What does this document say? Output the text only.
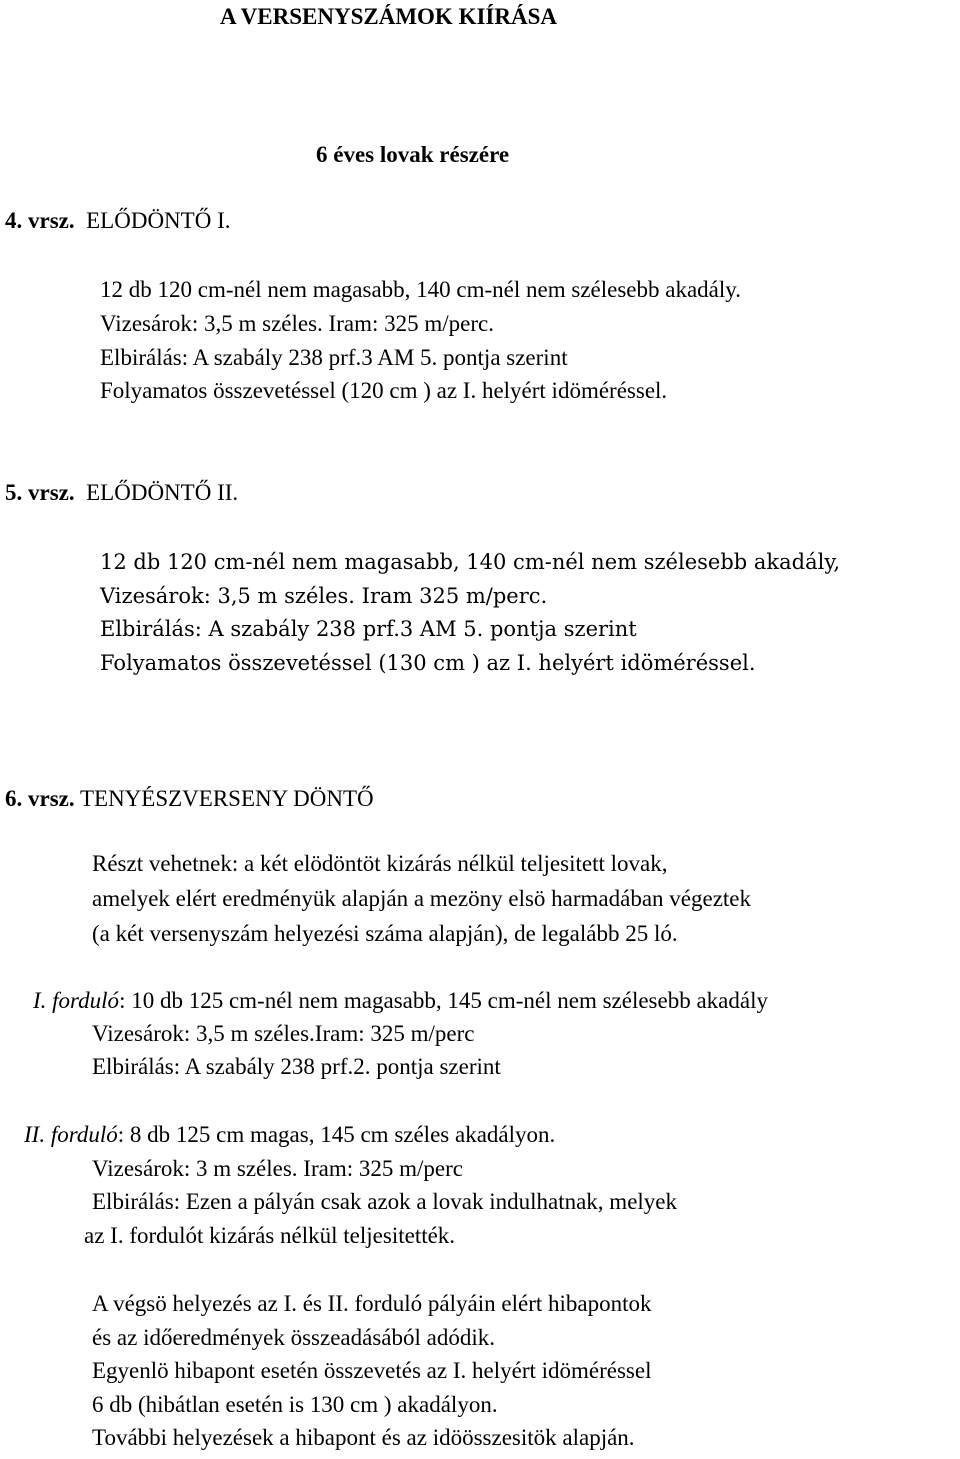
A VERSENYSZÁMOK KIÍRÁSA
6 éves lovak részére
4. vrsz. ELŐDÖNTŐ I.
12 db 120 cm-nél nem magasabb, 140 cm-nél nem szélesebb akadály.
Vizesárok: 3,5 m széles. Iram: 325 m/perc.
Elbirálás: A szabály 238 prf.3 AM 5. pontja szerint
Folyamatos összevetéssel (120 cm ) az I. helyért idöméréssel.
5. vrsz. ELŐDÖNTŐ II.
12 db 120 cm-nél nem magasabb, 140 cm-nél nem szélesebb akadály,
Vizesárok: 3,5 m széles. Iram 325 m/perc.
Elbirálás: A szabály 238 prf.3 AM 5. pontja szerint
Folyamatos összevetéssel (130 cm ) az I. helyért idöméréssel.
6. vrsz. TENYÉSZVERSENY DÖNTŐ
Részt vehetnek: a két elödöntöt kizárás nélkül teljesitett lovak,
amelyek elért eredményük alapján a mezöny elsö harmadában végeztek
(a két versenyszám helyezési száma alapján), de legalább 25 ló.
I. forduló: 10 db 125 cm-nél nem magasabb, 145 cm-nél nem szélesebb akadály
Vizesárok: 3,5 m széles.Iram: 325 m/perc
Elbirálás: A szabály 238 prf.2. pontja szerint
II. forduló: 8 db 125 cm magas, 145 cm széles akadályon.
Vizesárok: 3 m széles. Iram: 325 m/perc
Elbirálás: Ezen a pályán csak azok a lovak indulhatnak, melyek
az I. fordulót kizárás nélkül teljesitették.
A végsö helyezés az I. és II. forduló pályáin elért hibapontok
és az időeredmények összeadásából adódik.
Egyenlö hibapont esetén összevetés az I. helyért idöméréssel
6 db (hibátlan esetén is 130 cm ) akadályon.
További helyezések a hibapont és az idöösszesitök alapján.
